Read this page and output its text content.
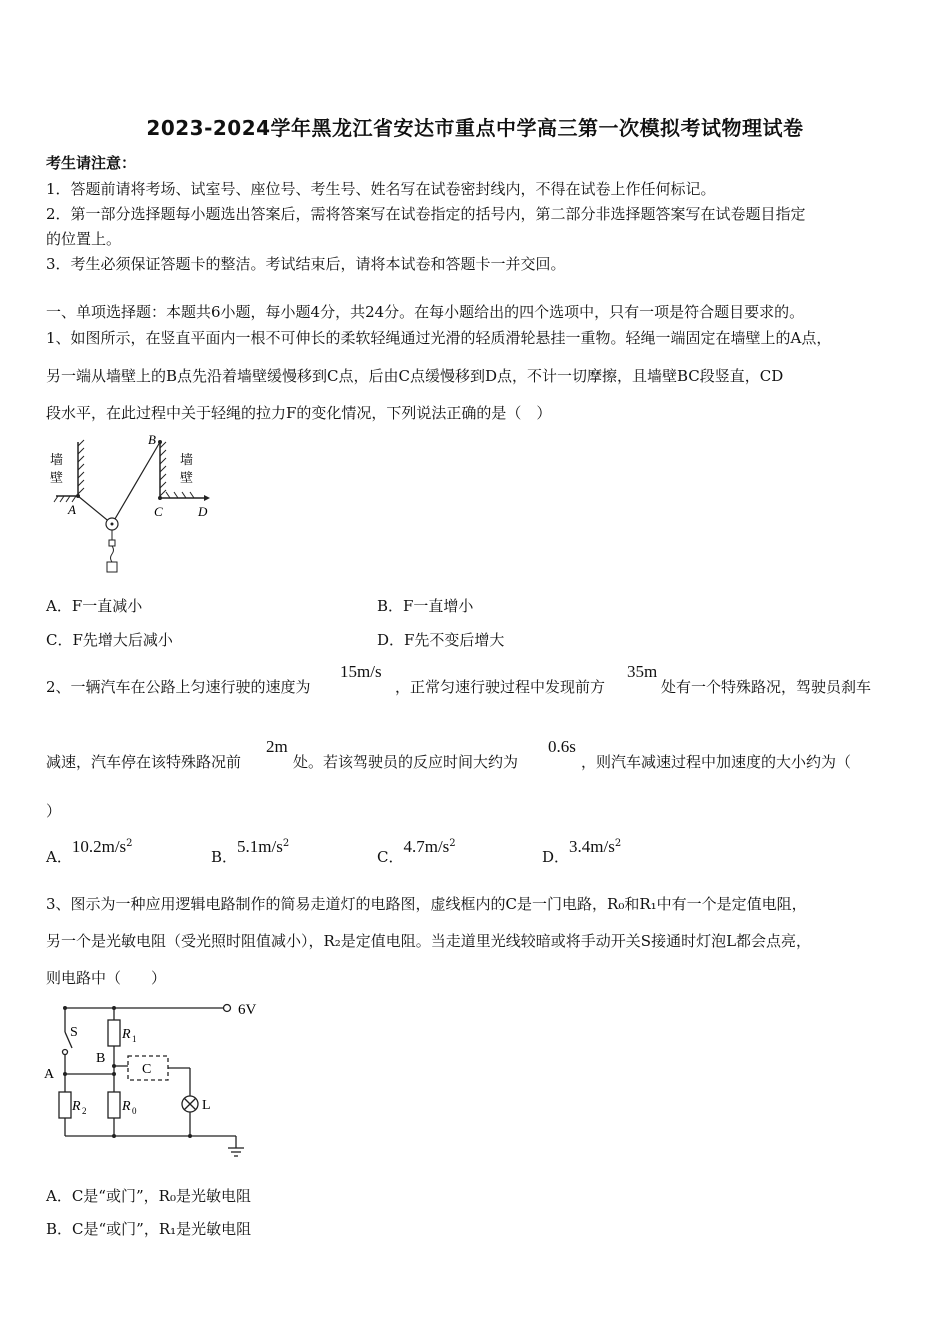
2023-2024学年黑龙江省安达市重点中学高三第一次模拟考试物理试卷
考生请注意：
1．答题前请将考场、试室号、座位号、考生号、姓名写在试卷密封线内，不得在试卷上作任何标记。
2．第一部分选择题每小题选出答案后，需将答案写在试卷指定的括号内，第二部分非选择题答案写在试卷题目指定
的位置上。
3．考生必须保证答题卡的整洁。考试结束后，请将本试卷和答题卡一并交回。
一、单项选择题：本题共6小题，每小题4分，共24分。在每小题给出的四个选项中，只有一项是符合题目要求的。
1、如图所示，在竖直平面内一根不可伸长的柔软轻绳通过光滑的轻质滑轮悬挂一重物。轻绳一端固定在墙壁上的A点，
另一端从墙壁上的B点先沿着墙壁缓慢移到C点，后由C点缓慢移到D点，不计一切摩擦，且墙壁BC段竖直，CD
段水平，在此过程中关于轻绳的拉力F的变化情况，下列说法正确的是（　）
墙
壁
墙
壁
A
B
C	D
A．F一直减小	B．F一直增小
C．F先增大后减小	D．F先不变后增大
2、一辆汽车在公路上匀速行驶的速度为
15m/s
，正常匀速行驶过程中发现前方
35m
处有一个特殊路况，驾驶员刹车
减速，汽车停在该特殊路况前
2m
处。若该驾驶员的反应时间大约为
0.6s
，则汽车减速过程中加速度的大小约为（
）
A．$10.2m/s^2$
B．$5.1m/s^2$
C．$4.7m/s^2$
D．$3.4m/s^2$
3、图示为一种应用逻辑电路制作的简易走道灯的电路图，虚线框内的C是一门电路，R₀和R₁中有一个是定值电阻，
另一个是光敏电阻（受光照时阻值减小），R₂是定值电阻。当走道里光线较暗或将手动开关S接通时灯泡L都会点亮，
则电路中（　　）
6V
S	R 1
B
A	C
R 2	R 0	L
A．C是“或门”，R₀是光敏电阻
B．C是“或门”，R₁是光敏电阻
